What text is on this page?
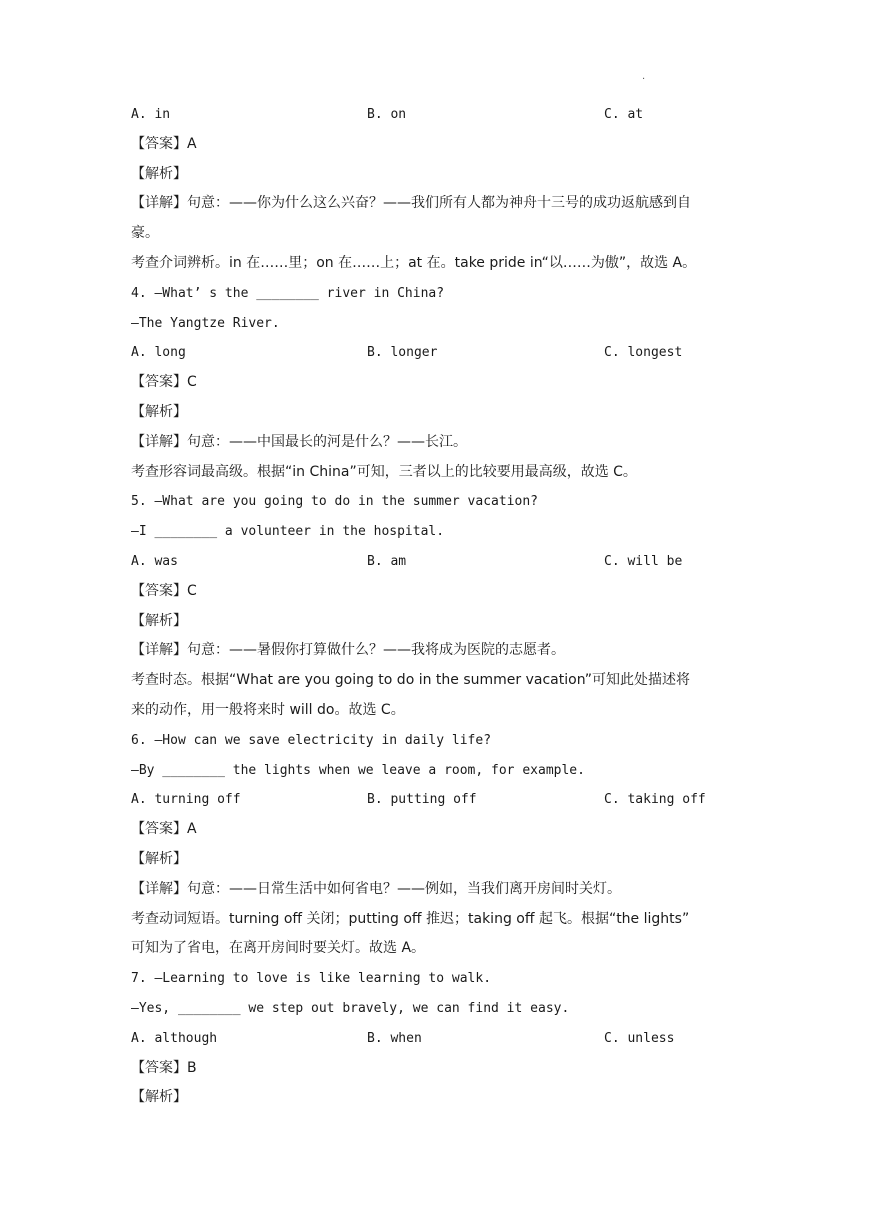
.
A. in	B. on	C. at
【答案】A
【解析】
【详解】句意：——你为什么这么兴奋？——我们所有人都为神舟十三号的成功返航感到自
豪。
考查介词辨析。in 在……里；on 在……上；at 在。take pride in“以……为傲”，故选 A。
4. —What’ s the ________ river in China?
—The Yangtze River.
A. long	B. longer	C. longest
【答案】C
【解析】
【详解】句意：——中国最长的河是什么？——长江。
考查形容词最高级。根据“in China”可知，三者以上的比较要用最高级，故选 C。
5. —What are you going to do in the summer vacation?
—I ________ a volunteer in the hospital.
A. was	B. am	C. will be
【答案】C
【解析】
【详解】句意：——暑假你打算做什么？——我将成为医院的志愿者。
考查时态。根据“What are you going to do in the summer vacation”可知此处描述将
来的动作，用一般将来时 will do。故选 C。
6. —How can we save electricity in daily life?
—By ________ the lights when we leave a room, for example.
A. turning off	B. putting off	C. taking off
【答案】A
【解析】
【详解】句意：——日常生活中如何省电？——例如，当我们离开房间时关灯。
考查动词短语。turning off 关闭；putting off 推迟；taking off 起飞。根据“the lights”
可知为了省电，在离开房间时要关灯。故选 A。
7. —Learning to love is like learning to walk.
—Yes, ________ we step out bravely, we can find it easy.
A. although	B. when	C. unless
【答案】B
【解析】
